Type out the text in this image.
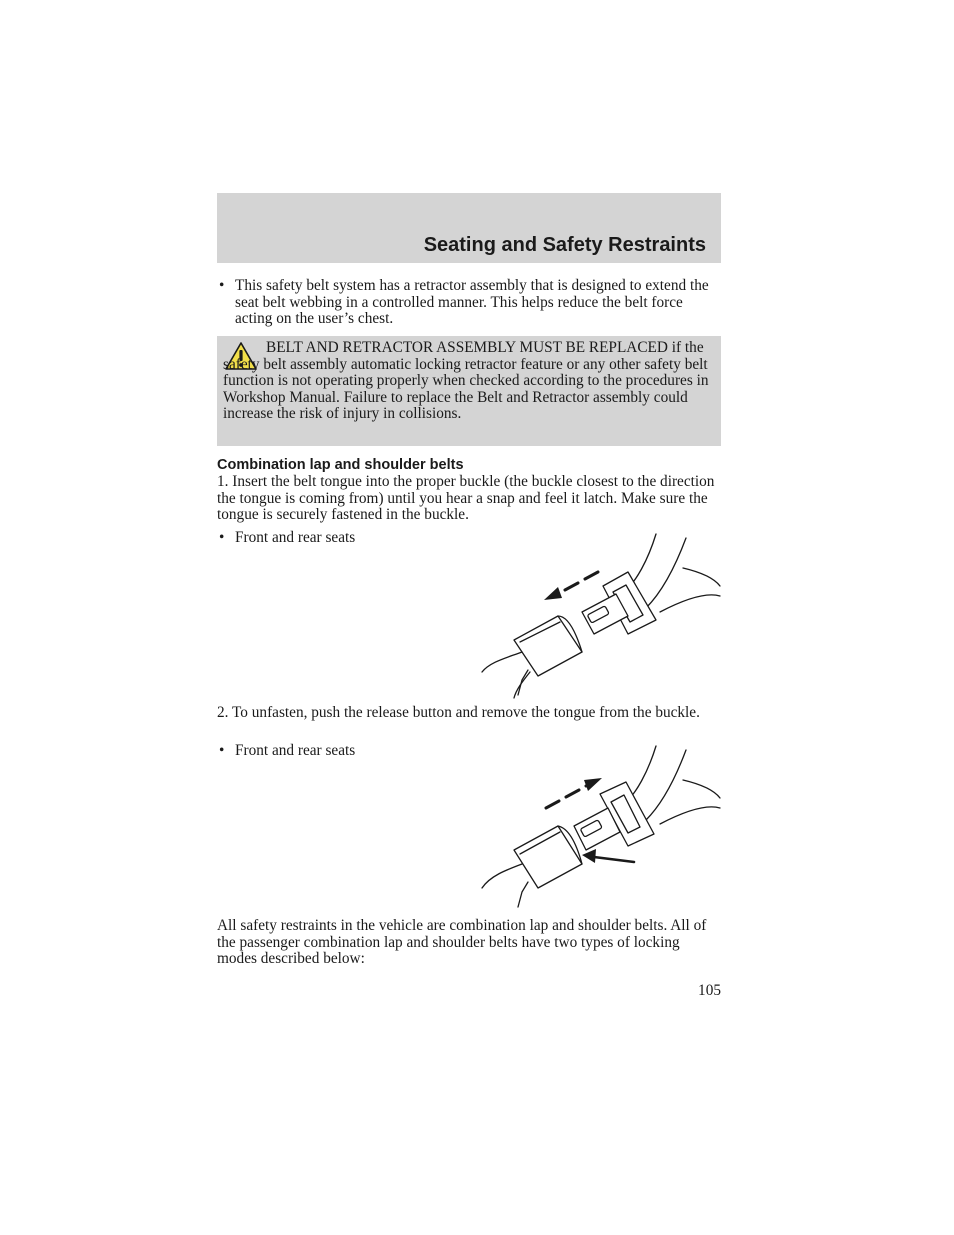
Seating and Safety Restraints
• This safety belt system has a retractor assembly that is designed to extend the seat belt webbing in a controlled manner. This helps reduce the belt force acting on the user’s chest.

BELT AND RETRACTOR ASSEMBLY MUST BE REPLACED if the safety belt assembly automatic locking retractor feature or any other safety belt function is not operating properly when checked according to the procedures in Workshop Manual. Failure to replace the Belt and Retractor assembly could increase the risk of injury in collisions.

Combination lap and shoulder belts

1. Insert the belt tongue into the proper buckle (the buckle closest to the direction the tongue is coming from) until you hear a snap and feel it latch. Make sure the tongue is securely fastened in the buckle.

• Front and rear seats

2. To unfasten, push the release button and remove the tongue from the buckle.

• Front and rear seats

All safety restraints in the vehicle are combination lap and shoulder belts. All of the passenger combination lap and shoulder belts have two types of locking modes described below:

105
